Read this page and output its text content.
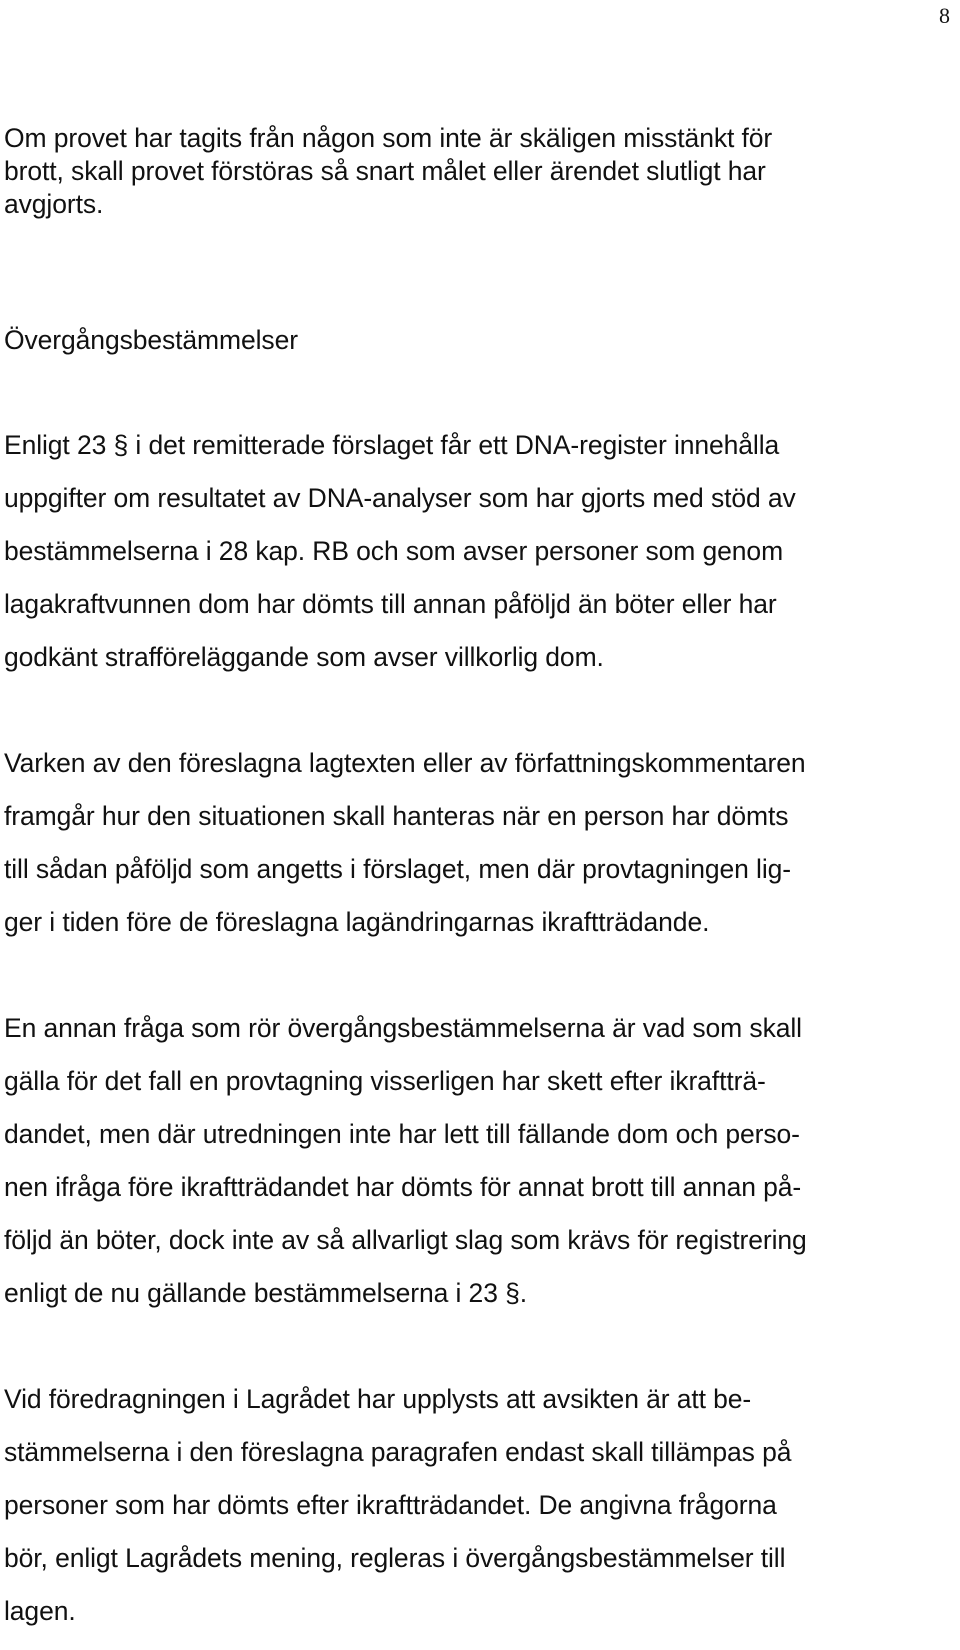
8
Om provet har tagits från någon som inte är skäligen misstänkt för
brott, skall provet förstöras så snart målet eller ärendet slutligt har
avgjorts.
Övergångsbestämmelser
Enligt 23 § i det remitterade förslaget får ett DNA-register innehålla
uppgifter om resultatet av DNA-analyser som har gjorts med stöd av
bestämmelserna i 28 kap. RB och som avser personer som genom
lagakraftvunnen dom har dömts till annan påföljd än böter eller har
godkänt strafföreläggande som avser villkorlig dom.
Varken av den föreslagna lagtexten eller av författningskommentaren
framgår hur den situationen skall hanteras när en person har dömts
till sådan påföljd som angetts i förslaget, men där provtagningen lig-
ger i tiden före de föreslagna lagändringarnas ikraftträdande.
En annan fråga som rör övergångsbestämmelserna är vad som skall
gälla för det fall en provtagning visserligen har skett efter ikraftträ-
dandet, men där utredningen inte har lett till fällande dom och perso-
nen ifråga före ikraftträdandet har dömts för annat brott till annan på-
följd än böter, dock inte av så allvarligt slag som krävs för registrering
enligt de nu gällande bestämmelserna i 23 §.
Vid föredragningen i Lagrådet har upplysts att avsikten är att be-
stämmelserna i den föreslagna paragrafen endast skall tillämpas på
personer som har dömts efter ikraftträdandet. De angivna frågorna
bör, enligt Lagrådets mening, regleras i övergångsbestämmelser till
lagen.
